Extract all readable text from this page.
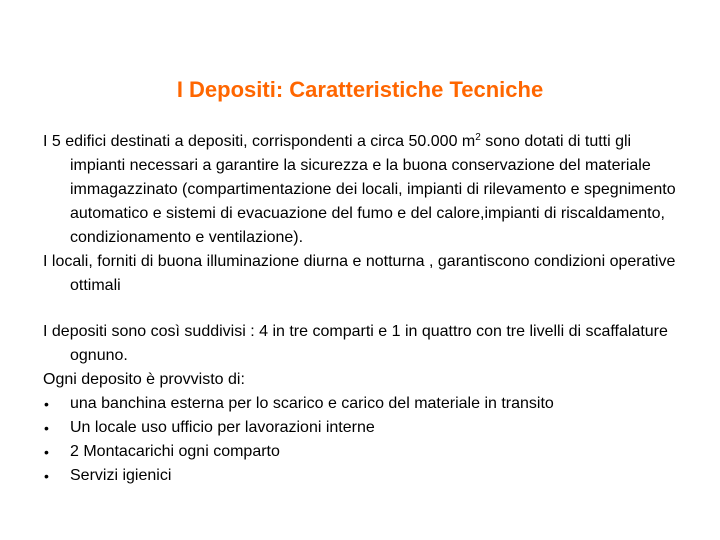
I Depositi: Caratteristiche Tecniche

I 5 edifici destinati a depositi, corrispondenti a circa 50.000 $m^2$ sono dotati di tutti gli impianti necessari a garantire la sicurezza e la buona conservazione del materiale immagazzinato (compartimentazione dei locali, impianti di rilevamento e spegnimento automatico e sistemi di evacuazione del fumo e del calore,impianti di riscaldamento, condizionamento e ventilazione).

I locali, forniti di buona illuminazione diurna e notturna , garantiscono condizioni operative ottimali

I depositi sono così suddivisi : 4 in tre comparti e 1 in quattro con tre livelli di scaffalature ognuno.

Ogni deposito è provvisto di:

•	una banchina esterna per lo scarico e carico del materiale in transito
•	Un locale uso ufficio per lavorazioni interne
•	2 Montacarichi ogni comparto
•	Servizi igienici
